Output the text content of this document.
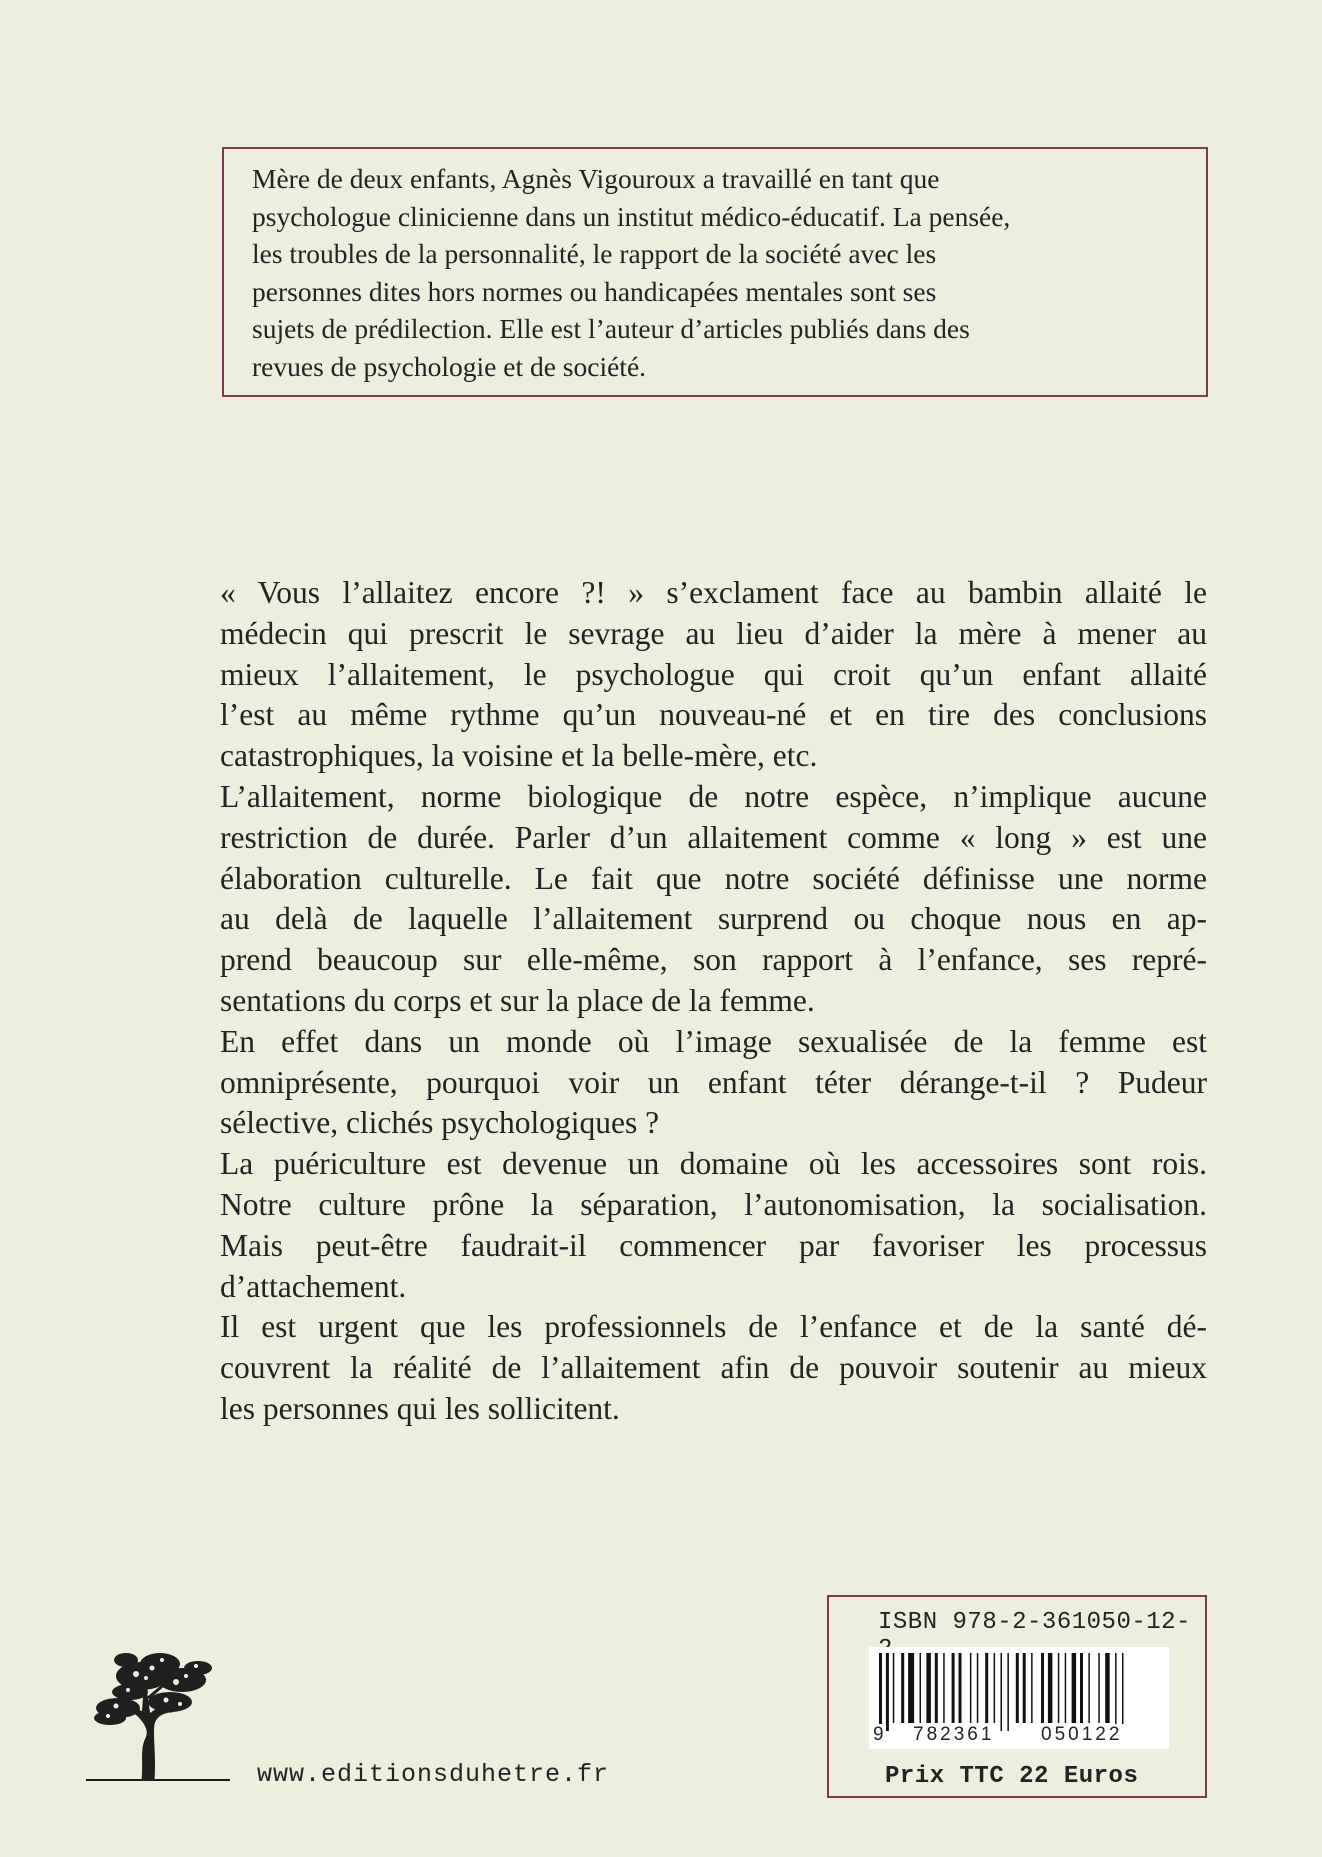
Mère de deux enfants, Agnès Vigouroux a travaillé en tant que

psychologue clinicienne dans un institut médico-éducatif. La pensée,

les troubles de la personnalité, le rapport de la société avec les

personnes dites hors normes ou handicapées mentales sont ses

sujets de prédilection. Elle est l’auteur d’articles publiés dans des

revues de psychologie et de société.

« Vous l’allaitez encore ?! » s’exclament face au bambin allaité le
médecin qui prescrit le sevrage au lieu d’aider la mère à mener au
mieux l’allaitement, le psychologue qui croit qu’un enfant allaité
l’est au même rythme qu’un nouveau-né et en tire des conclusions
catastrophiques, la voisine et la belle-mère, etc.

L’allaitement, norme biologique de notre espèce, n’implique aucune
restriction de durée. Parler d’un allaitement comme « long » est une
élaboration culturelle. Le fait que notre société définisse une norme
au delà de laquelle l’allaitement surprend ou choque nous en ap-
prend beaucoup sur elle-même, son rapport à l’enfance, ses repré-
sentations du corps et sur la place de la femme.

En effet dans un monde où l’image sexualisée de la femme est
omniprésente, pourquoi voir un enfant téter dérange-t-il ? Pudeur
sélective, clichés psychologiques ?

La puériculture est devenue un domaine où les accessoires sont rois.
Notre culture prône la séparation, l’autonomisation, la socialisation.
Mais peut-être faudrait-il commencer par favoriser les processus
d’attachement.

Il est urgent que les professionnels de l’enfance et de la santé dé-
couvrent la réalité de l’allaitement afin de pouvoir soutenir au mieux
les personnes qui les sollicitent.

www.editionsduhetre.fr
ISBN 978-2-361050-12-
9 782361 050122
Prix TTC 22 Euros
